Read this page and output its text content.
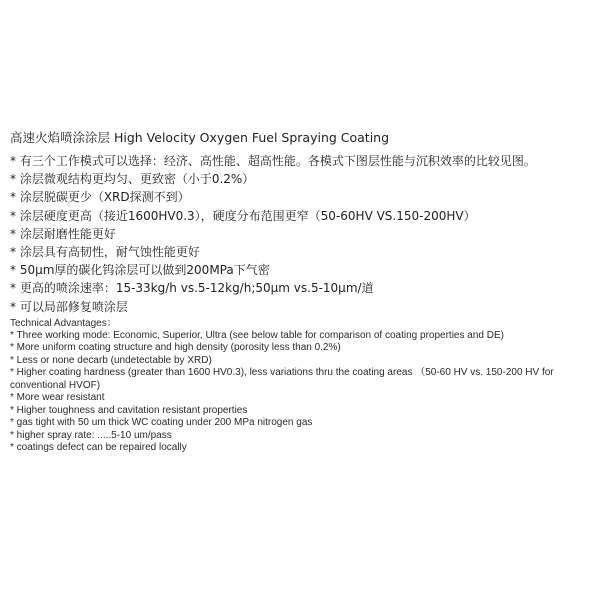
高速火焰喷涂涂层 High Velocity Oxygen Fuel Spraying Coating
* 有三个工作模式可以选择：经济、高性能、超高性能。各模式下图层性能与沉积效率的比较见图。
* 涂层微观结构更均匀、更致密（小于0.2%）
* 涂层脱碳更少（XRD探测不到）
* 涂层硬度更高（接近1600HV0.3），硬度分布范围更窄（50-60HV VS.150-200HV）
* 涂层耐磨性能更好
* 涂层具有高韧性，耐气蚀性能更好
* 50μm厚的碳化钨涂层可以做到200MPa下气密
* 更高的喷涂速率：15-33kg/h vs.5-12kg/h;50μm vs.5-10μm/道
* 可以局部修复喷涂层
Technical Advantages：
* Three working mode: Economic, Superior, Ultra (see below table for comparison of coating properties and DE)
* More uniform coating structure and high density (porosity less than 0.2%)
* Less or none decarb (undetectable by XRD)
* Higher coating hardness (greater than 1600 HV0.3), less variations thru the coating areas （50-60 HV vs. 150-200 HV for conventional HVOF)
* More wear resistant
* Higher toughness and cavitation resistant properties
* gas tight with 50 um thick WC coating under 200 MPa nitrogen gas
* higher spray rate: .....5-10 um/pass
* coatings defect can be repaired locally
